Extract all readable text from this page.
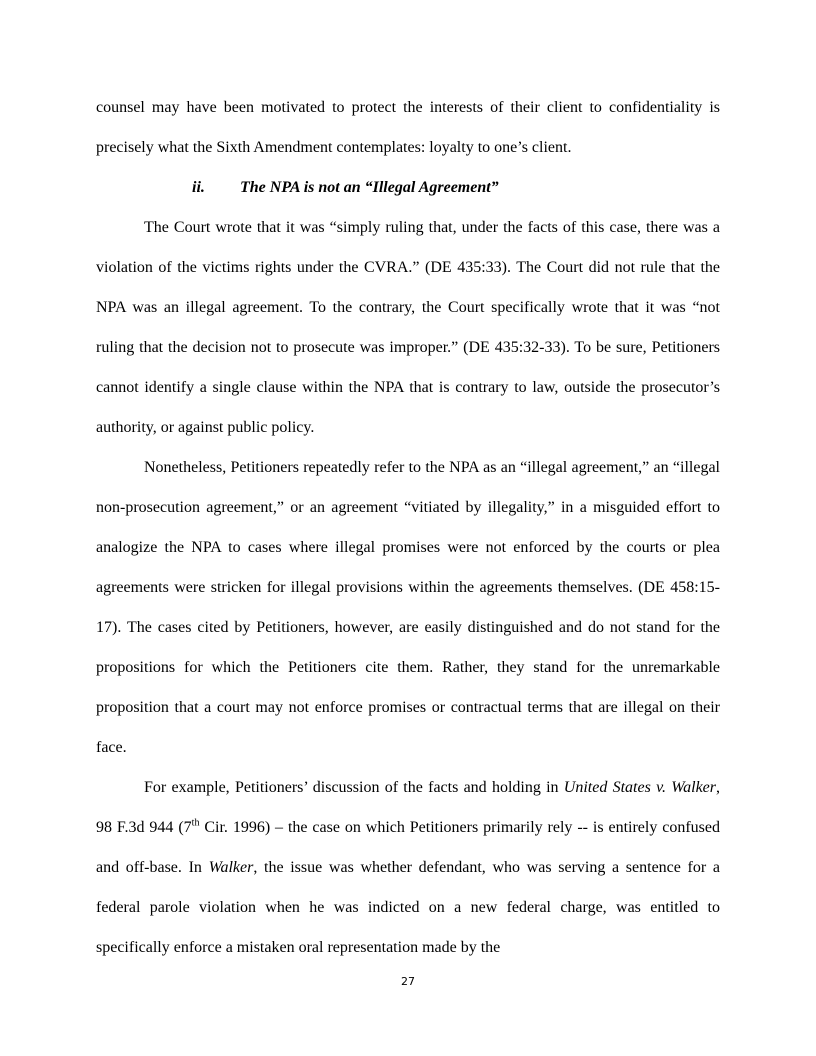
counsel may have been motivated to protect the interests of their client to confidentiality is precisely what the Sixth Amendment contemplates: loyalty to one’s client.

ii. The NPA is not an “Illegal Agreement”

The Court wrote that it was “simply ruling that, under the facts of this case, there was a violation of the victims rights under the CVRA.” (DE 435:33). The Court did not rule that the NPA was an illegal agreement. To the contrary, the Court specifically wrote that it was “not ruling that the decision not to prosecute was improper.” (DE 435:32-33). To be sure, Petitioners cannot identify a single clause within the NPA that is contrary to law, outside the prosecutor’s authority, or against public policy.

Nonetheless, Petitioners repeatedly refer to the NPA as an “illegal agreement,” an “illegal non-prosecution agreement,” or an agreement “vitiated by illegality,” in a misguided effort to analogize the NPA to cases where illegal promises were not enforced by the courts or plea agreements were stricken for illegal provisions within the agreements themselves. (DE 458:15-17). The cases cited by Petitioners, however, are easily distinguished and do not stand for the propositions for which the Petitioners cite them. Rather, they stand for the unremarkable proposition that a court may not enforce promises or contractual terms that are illegal on their face.

For example, Petitioners’ discussion of the facts and holding in United States v. Walker, 98 F.3d 944 (7th Cir. 1996) – the case on which Petitioners primarily rely -- is entirely confused and off-base. In Walker, the issue was whether defendant, who was serving a sentence for a federal parole violation when he was indicted on a new federal charge, was entitled to specifically enforce a mistaken oral representation made by the

27
